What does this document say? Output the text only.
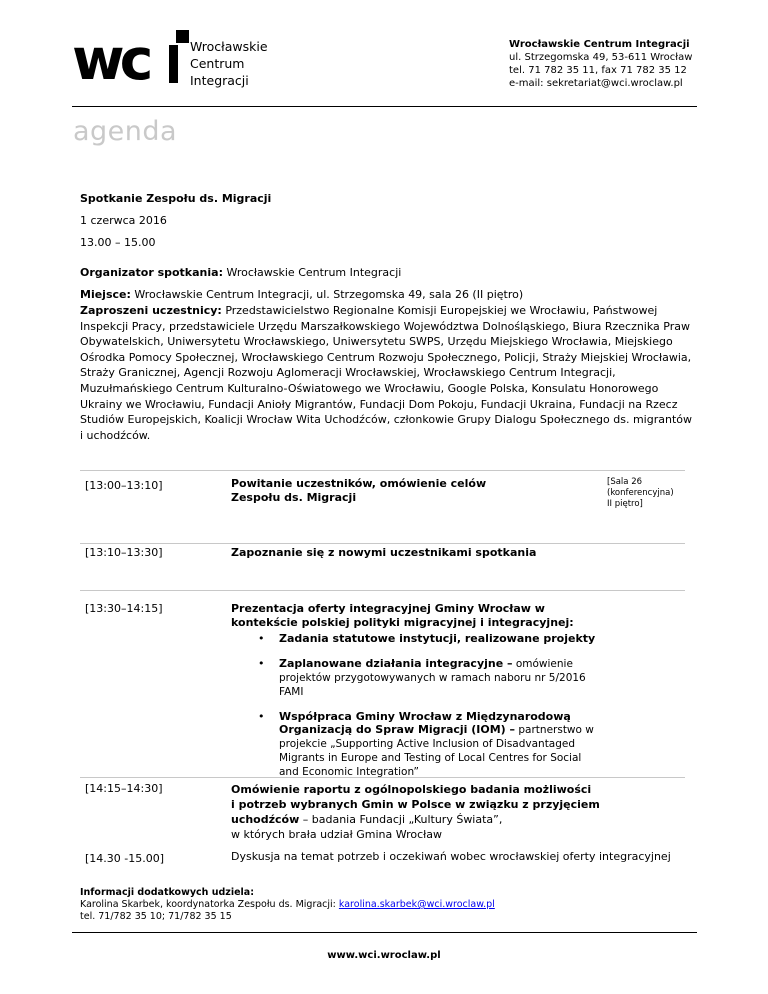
wc	Wrocławskie
Centrum
Integracji
Wrocławskie Centrum Integracji
ul. Strzegomska 49, 53-611 Wrocław
tel. 71 782 35 11, fax 71 782 35 12
e-mail: sekretariat@wci.wroclaw.pl
agenda
Spotkanie Zespołu ds. Migracji
1 czerwca 2016
13.00 – 15.00
Organizator spotkania: Wrocławskie Centrum Integracji
Miejsce: Wrocławskie Centrum Integracji, ul. Strzegomska 49, sala 26 (II piętro)
Zaproszeni uczestnicy: Przedstawicielstwo Regionalne Komisji Europejskiej we Wrocławiu, Państwowej Inspekcji Pracy, przedstawiciele Urzędu Marszałkowskiego Województwa Dolnośląskiego, Biura Rzecznika Praw Obywatelskich, Uniwersytetu Wrocławskiego, Uniwersytetu SWPS, Urzędu Miejskiego Wrocławia, Miejskiego Ośrodka Pomocy Społecznej, Wrocławskiego Centrum Rozwoju Społecznego, Policji, Straży Miejskiej Wrocławia, Straży Granicznej, Agencji Rozwoju Aglomeracji Wrocławskiej, Wrocławskiego Centrum Integracji, Muzułmańskiego Centrum Kulturalno-Oświatowego we Wrocławiu, Google Polska, Konsulatu Honorowego Ukrainy we Wrocławiu, Fundacji Anioły Migrantów, Fundacji Dom Pokoju, Fundacji Ukraina, Fundacji na Rzecz Studiów Europejskich, Koalicji Wrocław Wita Uchodźców, członkowie Grupy Dialogu Społecznego ds. migrantów i uchodźców.
[13:00–13:10]	Powitanie uczestników, omówienie celów
Zespołu ds. Migracji
[Sala 26
(konferencyjna)
II piętro]
[13:10–13:30]	Zapoznanie się z nowymi uczestnikami spotkania
[13:30–14:15]	Prezentacja oferty integracyjnej Gminy Wrocław w
kontekście polskiej polityki migracyjnej i integracyjnej:
• Zadania statutowe instytucji, realizowane projekty
• Zaplanowane działania integracyjne – omówienie projektów przygotowywanych w ramach naboru nr 5/2016 FAMI
• Współpraca Gminy Wrocław z Międzynarodową Organizacją do Spraw Migracji (IOM) – partnerstwo w projekcie „Supporting Active Inclusion of Disadvantaged Migrants in Europe and Testing of Local Centres for Social and Economic Integration”
[14:15–14:30]	Omówienie raportu z ogólnopolskiego badania możliwości
i potrzeb wybranych Gmin w Polsce w związku z przyjęciem
uchodźców – badania Fundacji „Kultury Świata”,
w których brała udział Gmina Wrocław
[14.30 -15.00]	Dyskusja na temat potrzeb i oczekiwań wobec wrocławskiej oferty integracyjnej
Informacji dodatkowych udziela:
Karolina Skarbek, koordynatorka Zespołu ds. Migracji: karolina.skarbek@wci.wroclaw.pl
tel. 71/782 35 10; 71/782 35 15
www.wci.wroclaw.pl
